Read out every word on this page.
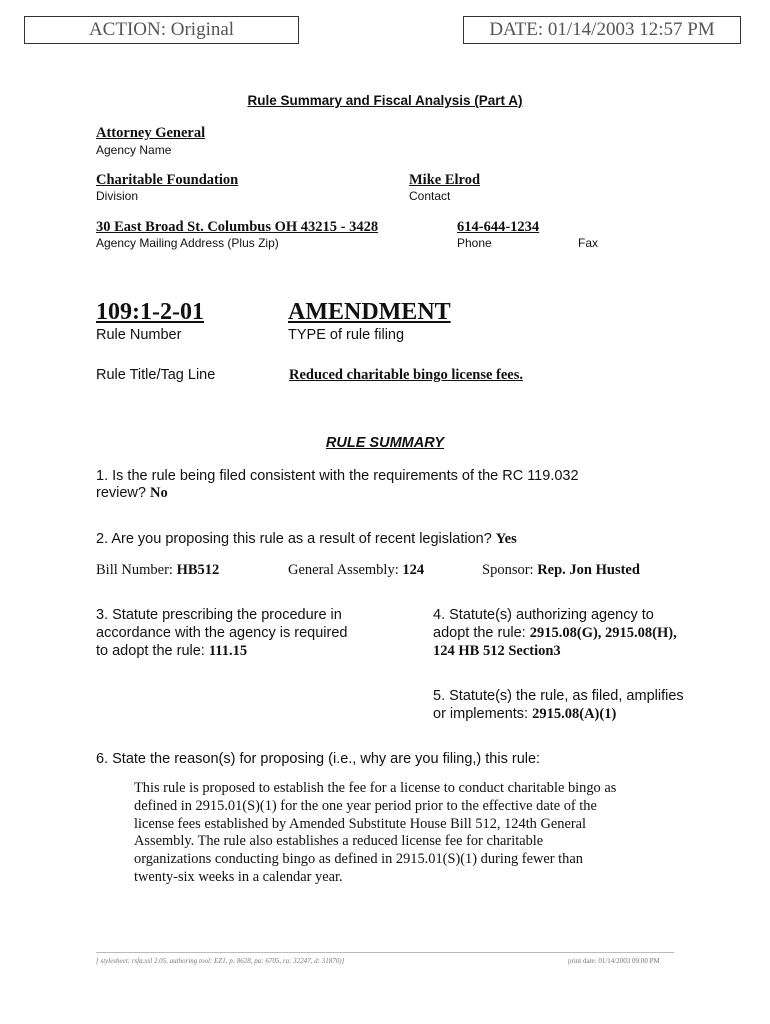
ACTION: Original	DATE: 01/14/2003 12:57 PM
Rule Summary and Fiscal Analysis (Part A)
Attorney General
Agency Name
Charitable Foundation
Division
Mike Elrod
Contact
30 East Broad St. Columbus OH 43215 - 3428
Agency Mailing Address (Plus Zip)
614-644-1234
Phone	Fax
109:1-2-01
Rule Number
AMENDMENT
TYPE of rule filing
Rule Title/Tag Line	Reduced charitable bingo license fees.
RULE SUMMARY
1. Is the rule being filed consistent with the requirements of the RC 119.032
review? No
2. Are you proposing this rule as a result of recent legislation? Yes
Bill Number: HB512	General Assembly: 124	Sponsor: Rep. Jon Husted
3. Statute prescribing the procedure in
accordance with the agency is required
to adopt the rule: 111.15
4. Statute(s) authorizing agency to
adopt the rule: 2915.08(G), 2915.08(H),
124 HB 512 Section3
5. Statute(s) the rule, as filed, amplifies
or implements: 2915.08(A)(1)
6. State the reason(s) for proposing (i.e., why are you filing,) this rule:
This rule is proposed to establish the fee for a license to conduct charitable bingo as
defined in 2915.01(S)(1) for the one year period prior to the effective date of the
license fees established by Amended Substitute House Bill 512, 124th General
Assembly. The rule also establishes a reduced license fee for charitable
organizations conducting bingo as defined in 2915.01(S)(1) during fewer than
twenty-six weeks in a calendar year.
[ stylesheet: rsfa.xsl 2.05, authoring tool: EZ1, p: 8628, pa: 6705, ra: 32247, d: 31870)]	print date: 01/14/2003 09:00 PM
